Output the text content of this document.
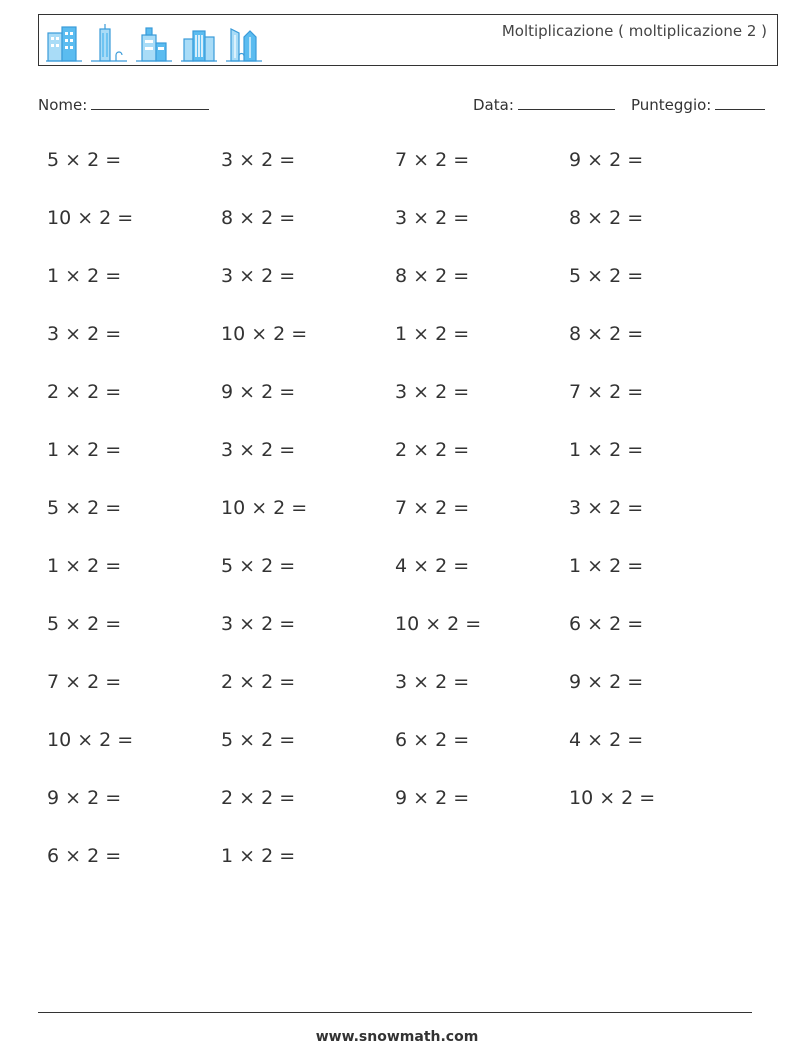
Moltiplicazione ( moltiplicazione 2 )
Nome:	Data:	Punteggio:
5 × 2 =	3 × 2 =	7 × 2 =	9 × 2 =
10 × 2 =	8 × 2 =	3 × 2 =	8 × 2 =
1 × 2 =	3 × 2 =	8 × 2 =	5 × 2 =
3 × 2 =	10 × 2 =	1 × 2 =	8 × 2 =
2 × 2 =	9 × 2 =	3 × 2 =	7 × 2 =
1 × 2 =	3 × 2 =	2 × 2 =	1 × 2 =
5 × 2 =	10 × 2 =	7 × 2 =	3 × 2 =
1 × 2 =	5 × 2 =	4 × 2 =	1 × 2 =
5 × 2 =	3 × 2 =	10 × 2 =	6 × 2 =
7 × 2 =	2 × 2 =	3 × 2 =	9 × 2 =
10 × 2 =	5 × 2 =	6 × 2 =	4 × 2 =
9 × 2 =	2 × 2 =	9 × 2 =	10 × 2 =
6 × 2 =	1 × 2 =
www.snowmath.com
